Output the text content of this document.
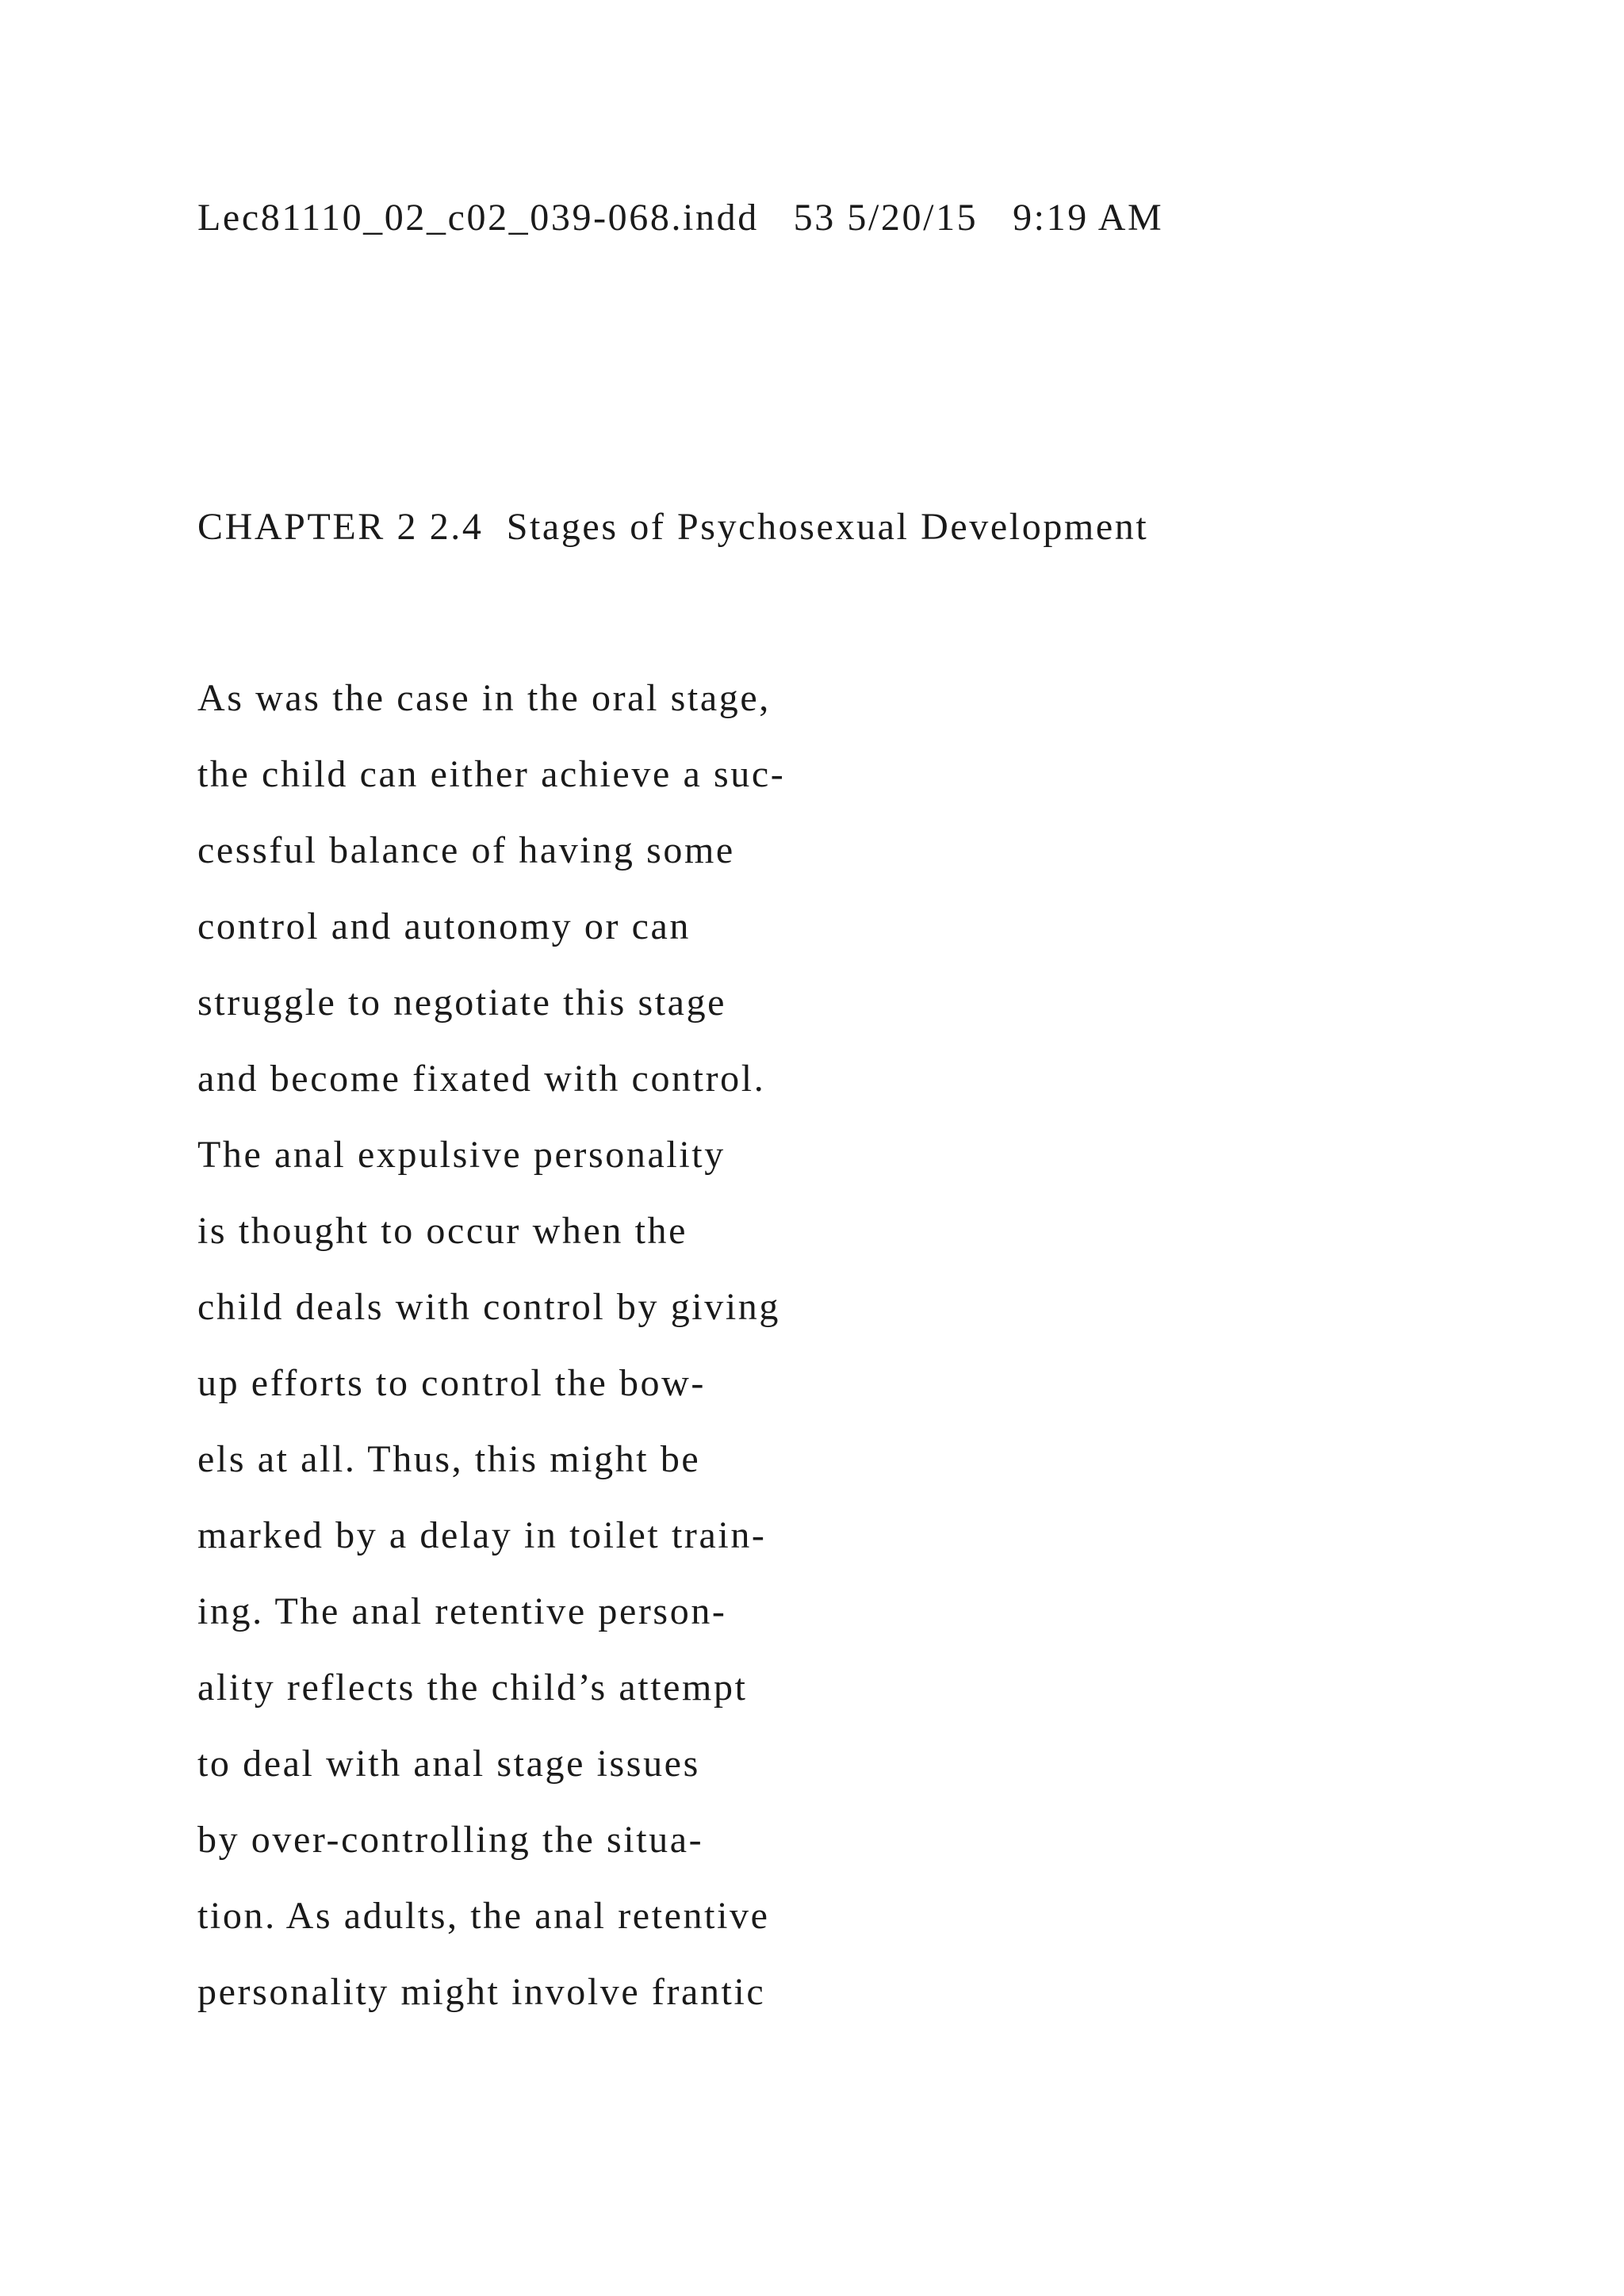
Lec81110_02_c02_039-068.indd   53 5/20/15   9:19 AM

CHAPTER 2 2.4  Stages of Psychosexual Development

As was the case in the oral stage,
the child can either achieve a suc-
cessful balance of having some
control and autonomy or can
struggle to negotiate this stage
and become fixated with control.
The anal expulsive personality
is thought to occur when the
child deals with control by giving
up efforts to control the bow-
els at all. Thus, this might be
marked by a delay in toilet train-
ing. The anal retentive person-
ality reflects the child’s attempt
to deal with anal stage issues
by over-controlling the situa-
tion. As adults, the anal retentive
personality might involve frantic
